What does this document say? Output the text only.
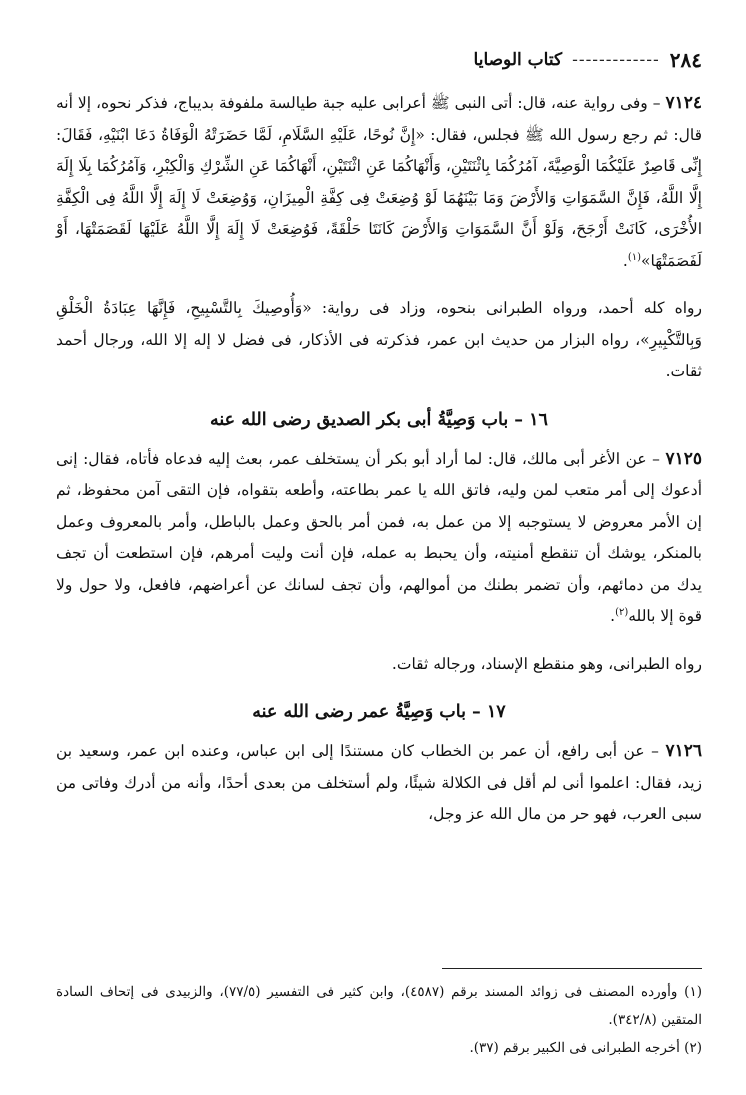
٢٨٤
-------------
كتاب الوصايا

٧١٢٤ – وفى رواية عنه، قال: أتى النبى ﷺ أعرابى عليه جبة طيالسة ملفوفة بديباج، فذكر نحوه، إلا أنه قال: ثم رجع رسول الله ﷺ فجلس، فقال: «إِنَّ نُوحًا، عَلَيْهِ السَّلَامِ، لَمَّا حَضَرَتْهُ الْوَفَاةُ دَعَا ابْنَيْهِ، فَقَالَ: إِنِّى قَاصِرٌ عَلَيْكُمَا الْوَصِيَّةَ، آمُرُكُمَا بِاثْنَتَيْنِ، وَأَنْهَاكُمَا عَنِ اثْنَتَيْنِ، أَنْهَاكُمَا عَنِ الشِّرْكِ وَالْكِبْرِ، وَآمُرُكُمَا بِلَا إِلَهَ إِلَّا اللَّهُ، فَإِنَّ السَّمَوَاتِ وَالأَرْضَ وَمَا بَيْنَهُمَا لَوْ وُضِعَتْ فِى كِفَّةِ الْمِيزَانِ، وَوُضِعَتْ لَا إِلَهَ إِلَّا اللَّهُ فِى الْكِفَّةِ الأُخْرَى، كَانَتْ أَرْجَحَ، وَلَوْ أَنَّ السَّمَوَاتِ وَالأَرْضَ كَانَتَا حَلْقَةً، فَوُضِعَتْ لَا إِلَهَ إِلَّا اللَّهُ عَلَيْهَا لَقَصَمَتْهَا، أَوْ لَفَصَمَتْهَا»$^{(١)}$.

رواه كله أحمد، ورواه الطبرانى بنحوه، وزاد فى رواية: «وَأُوصِيكَ بِالتَّسْبِيحِ، فَإِنَّهَا عِبَادَةُ الْخَلْقِ وَبِالتَّكْبِيرِ»، رواه البزار من حديث ابن عمر، فذكرته فى الأذكار، فى فضل لا إله إلا الله، ورجال أحمد ثقات.

١٦ – باب وَصِيَّةُ أبى بكر الصديق رضى الله عنه

٧١٢٥ – عن الأغر أبى مالك، قال: لما أراد أبو بكر أن يستخلف عمر، بعث إليه فدعاه فأتاه، فقال: إنى أدعوك إلى أمر متعب لمن وليه، فاتق الله يا عمر بطاعته، وأطعه بتقواه، فإن التقى آمن محفوظ، ثم إن الأمر معروض لا يستوجبه إلا من عمل به، فمن أمر بالحق وعمل بالباطل، وأمر بالمعروف وعمل بالمنكر، يوشك أن تنقطع أمنيته، وأن يحبط به عمله، فإن أنت وليت أمرهم، فإن استطعت أن تجف يدك من دمائهم، وأن تضمر بطنك من أموالهم، وأن تجف لسانك عن أعراضهم، فافعل، ولا حول ولا قوة إلا بالله$^{(٢)}$.

رواه الطبرانى، وهو منقطع الإسناد، ورجاله ثقات.

١٧ – باب وَصِيَّةُ عمر رضى الله عنه

٧١٢٦ – عن أبى رافع، أن عمر بن الخطاب كان مستندًا إلى ابن عباس، وعنده ابن عمر، وسعيد بن زيد، فقال: اعلموا أنى لم أقل فى الكلالة شيئًا، ولم أستخلف من بعدى أحدًا، وأنه من أدرك وفاتى من سبى العرب، فهو حر من مال الله عز وجل،

(١) وأورده المصنف فى زوائد المسند برقم (٤٥٨٧)، وابن كثير فى التفسير (٧٧/٥)، والزبيدى فى إتحاف السادة المتقين (٣٤٢/٨).

(٢) أخرجه الطبرانى فى الكبير برقم (٣٧).
